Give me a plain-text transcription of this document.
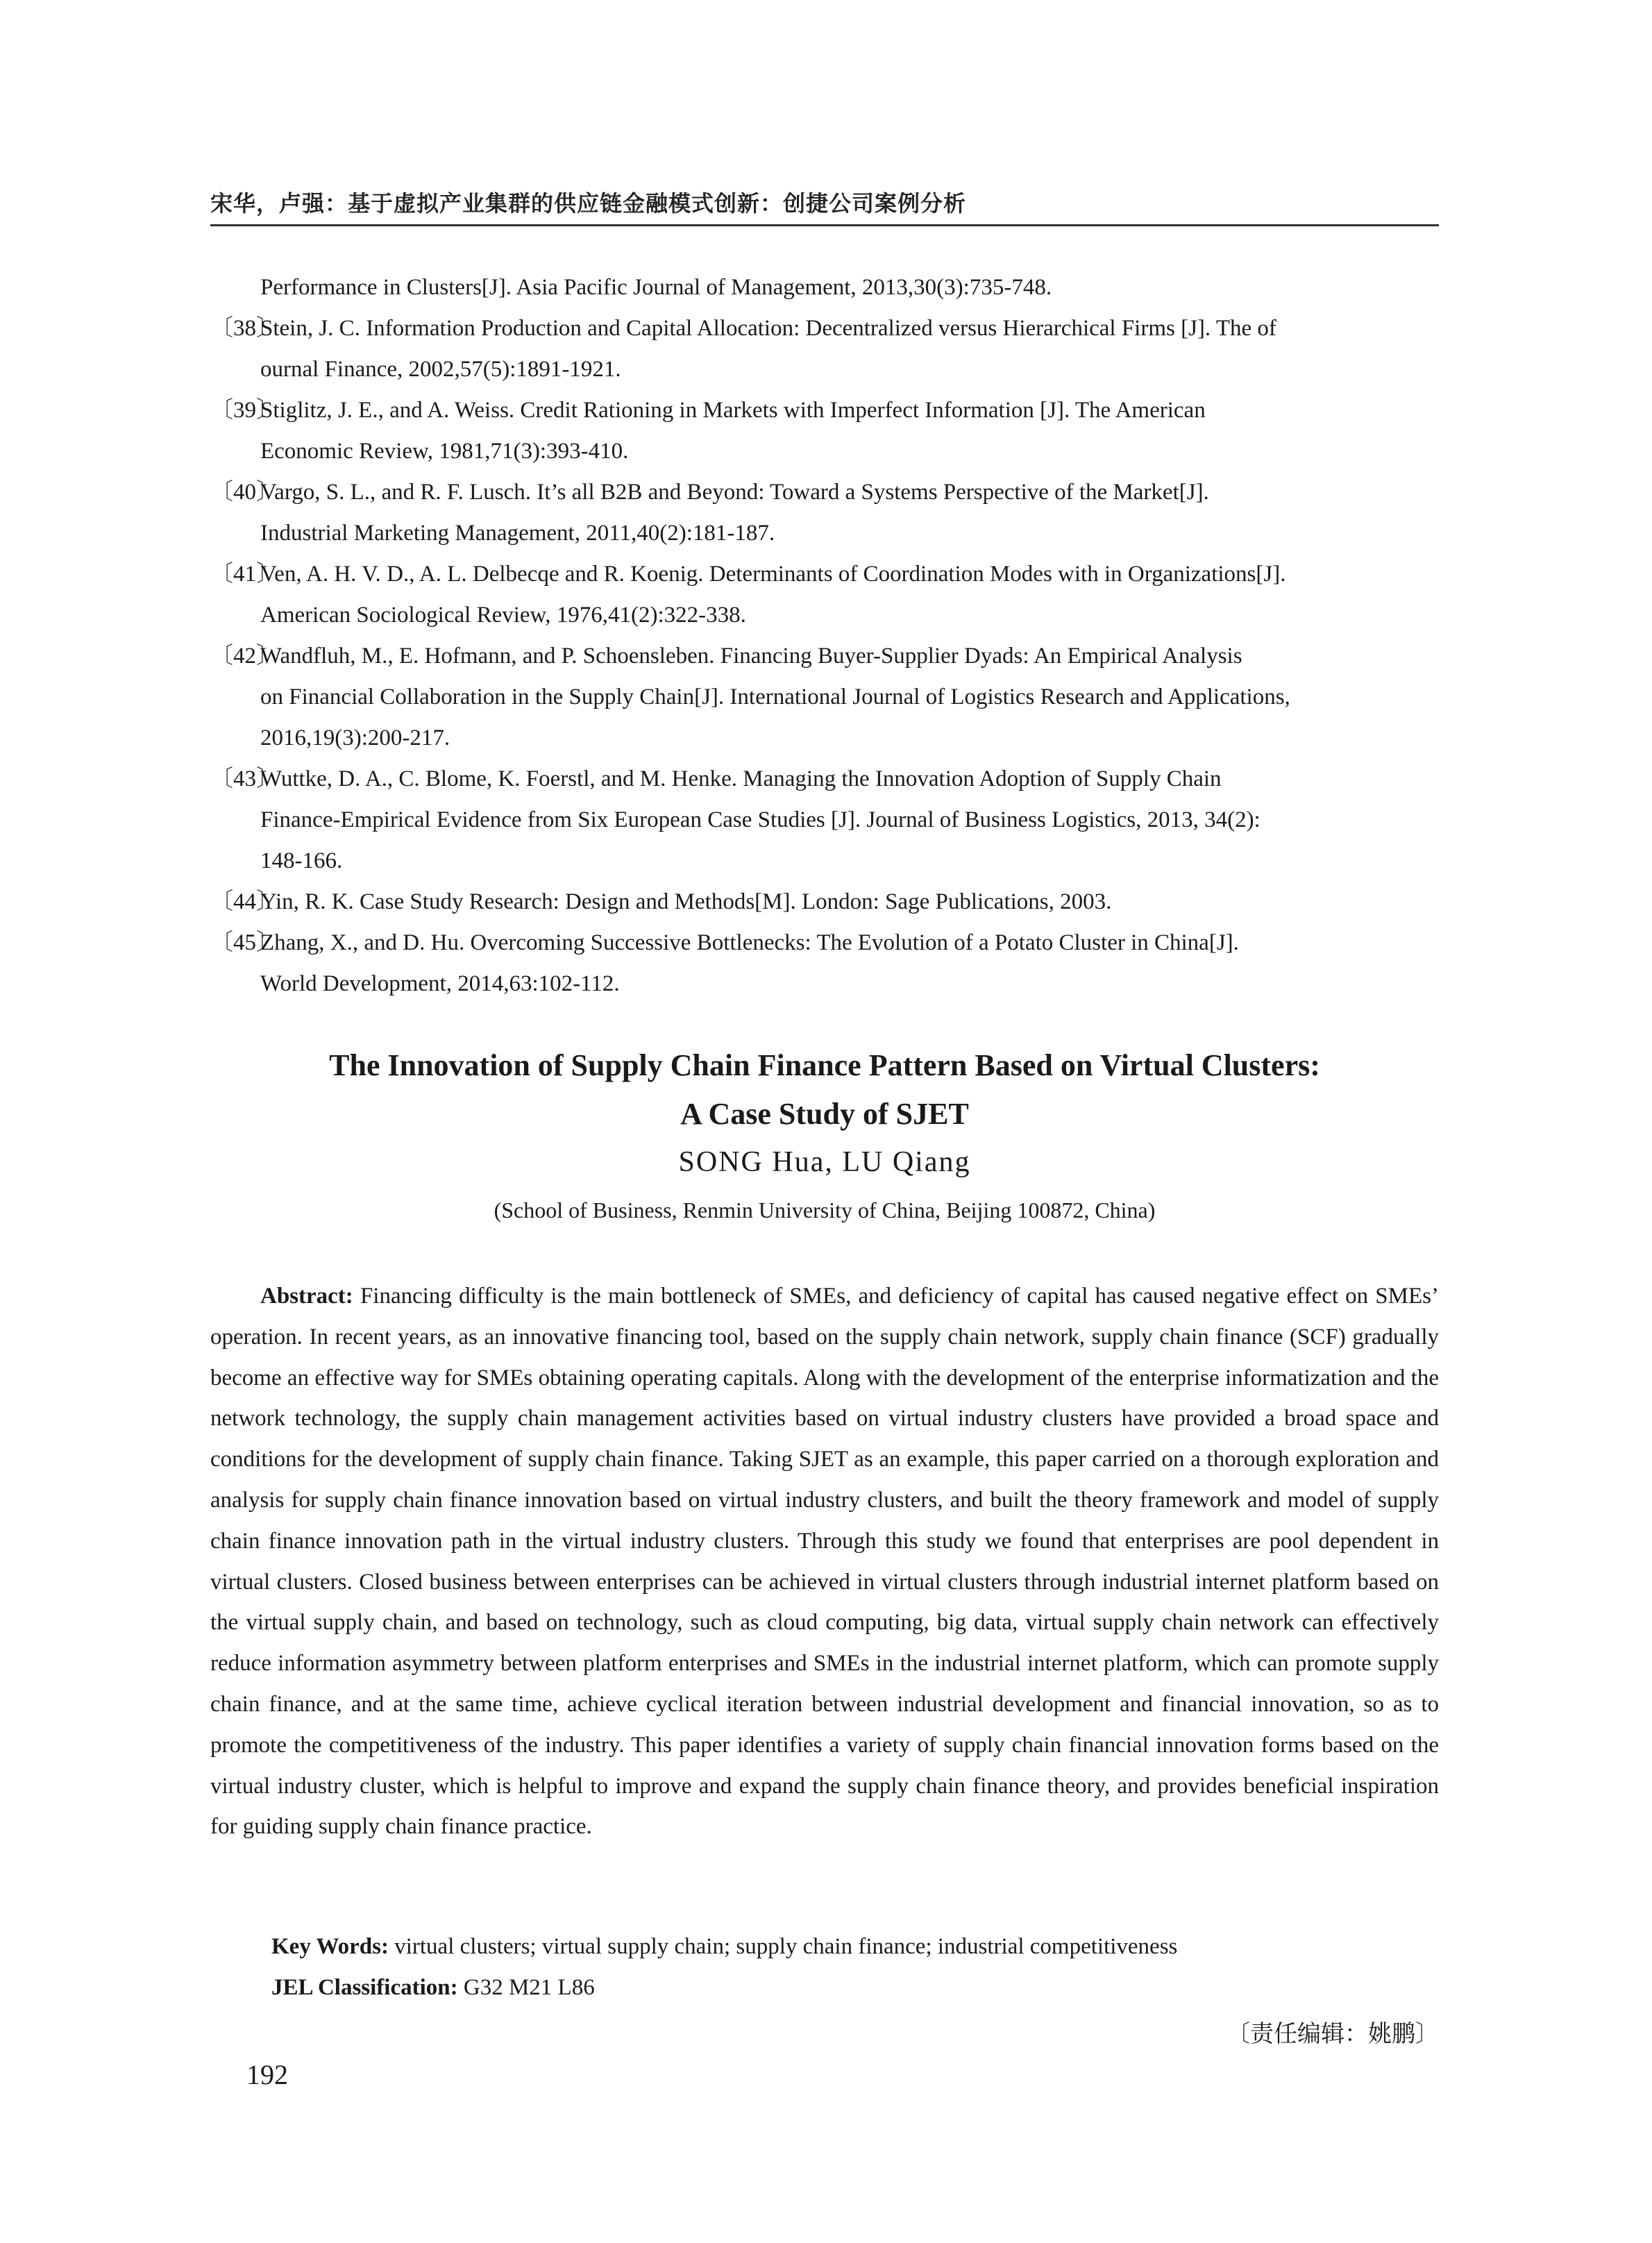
宋华，卢强：基于虚拟产业集群的供应链金融模式创新：创捷公司案例分析
Performance in Clusters[J]. Asia Pacific Journal of Management, 2013,30(3):735-748.
〔38〕
Stein, J. C. Information Production and Capital Allocation: Decentralized versus Hierarchical Firms [J]. The of
ournal Finance, 2002,57(5):1891-1921.
〔39〕
Stiglitz, J. E., and A. Weiss. Credit Rationing in Markets with Imperfect Information [J]. The American
Economic Review, 1981,71(3):393-410.
〔40〕
Vargo, S. L., and R. F. Lusch. It’s all B2B and Beyond: Toward a Systems Perspective of the Market[J].
Industrial Marketing Management, 2011,40(2):181-187.
〔41〕
Ven, A. H. V. D., A. L. Delbecqe and R. Koenig. Determinants of Coordination Modes with in Organizations[J].
American Sociological Review, 1976,41(2):322-338.
〔42〕
Wandfluh, M., E. Hofmann, and P. Schoensleben. Financing Buyer-Supplier Dyads: An Empirical Analysis
on Financial Collaboration in the Supply Chain[J]. International Journal of Logistics Research and Applications,
2016,19(3):200-217.
〔43〕
Wuttke, D. A., C. Blome, K. Foerstl, and M. Henke. Managing the Innovation Adoption of Supply Chain
Finance-Empirical Evidence from Six European Case Studies [J]. Journal of Business Logistics, 2013, 34(2):
148-166.
〔44〕
Yin, R. K. Case Study Research: Design and Methods[M]. London: Sage Publications, 2003.
〔45〕
Zhang, X., and D. Hu. Overcoming Successive Bottlenecks: The Evolution of a Potato Cluster in China[J].
World Development, 2014,63:102-112.
The Innovation of Supply Chain Finance Pattern Based on Virtual Clusters:
A Case Study of SJET
SONG Hua, LU Qiang
(School of Business, Renmin University of China, Beijing 100872, China)
Abstract: Financing difficulty is the main bottleneck of SMEs, and deficiency of capital has caused negative effect on SMEs’ operation. In recent years, as an innovative financing tool, based on the supply chain network, supply chain finance (SCF) gradually become an effective way for SMEs obtaining operating capitals. Along with the development of the enterprise informatization and the network technology, the supply chain management activities based on virtual industry clusters have provided a broad space and conditions for the development of supply chain finance. Taking SJET as an example, this paper carried on a thorough exploration and analysis for supply chain finance innovation based on virtual industry clusters, and built the theory framework and model of supply chain finance innovation path in the virtual industry clusters. Through this study we found that enterprises are pool dependent in virtual clusters. Closed business between enterprises can be achieved in virtual clusters through industrial internet platform based on the virtual supply chain, and based on technology, such as cloud computing, big data, virtual supply chain network can effectively reduce information asymmetry between platform enterprises and SMEs in the industrial internet platform, which can promote supply chain finance, and at the same time, achieve cyclical iteration between industrial development and financial innovation, so as to promote the competitiveness of the industry. This paper identifies a variety of supply chain financial innovation forms based on the virtual industry cluster, which is helpful to improve and expand the supply chain finance theory, and provides beneficial inspiration for guiding supply chain finance practice.
Key Words: virtual clusters; virtual supply chain; supply chain finance; industrial competitiveness
JEL Classification: G32 M21 L86
〔责任编辑：姚鹏〕
192
